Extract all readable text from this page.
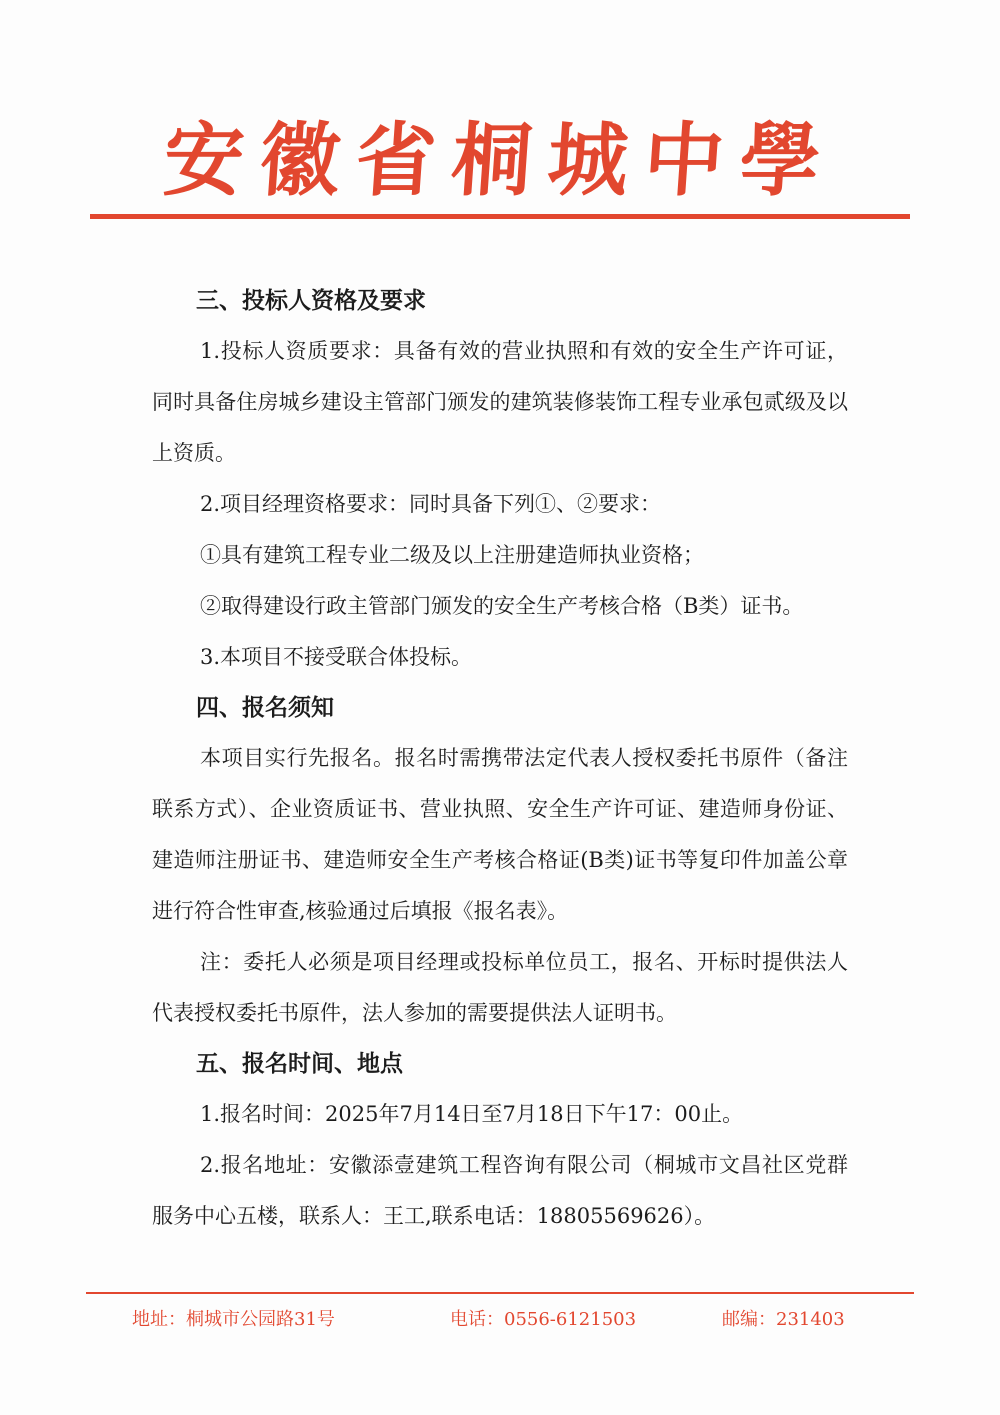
安徽省桐城中學
三、投标人资格及要求

1.投标人资质要求：具备有效的营业执照和有效的安全生产许可证，同时具备住房城乡建设主管部门颁发的建筑装修装饰工程专业承包贰级及以上资质。

2.项目经理资格要求：同时具备下列①、②要求：

①具有建筑工程专业二级及以上注册建造师执业资格；

②取得建设行政主管部门颁发的安全生产考核合格（B类）证书。

3.本项目不接受联合体投标。

四、报名须知

本项目实行先报名。报名时需携带法定代表人授权委托书原件（备注联系方式）、企业资质证书、营业执照、安全生产许可证、建造师身份证、建造师注册证书、建造师安全生产考核合格证(B类)证书等复印件加盖公章进行符合性审查,核验通过后填报《报名表》。

注：委托人必须是项目经理或投标单位员工，报名、开标时提供法人代表授权委托书原件，法人参加的需要提供法人证明书。

五、报名时间、地点

1.报名时间：2025年7月14日至7月18日下午17：00止。

2.报名地址：安徽添壹建筑工程咨询有限公司（桐城市文昌社区党群服务中心五楼，联系人：王工,联系电话：18805569626）。

地址：桐城市公园路31号	电话：0556-6121503	邮编：231403
